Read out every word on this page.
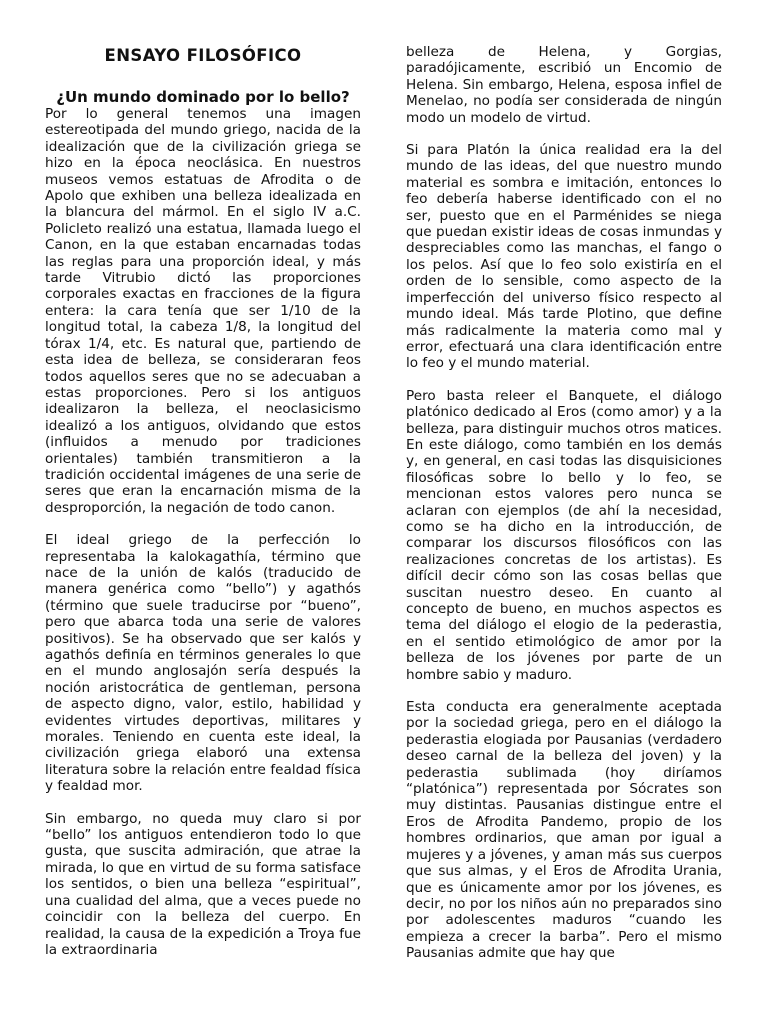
ENSAYO FILOSÓFICO
¿Un mundo dominado por lo bello?

Por lo general tenemos una imagen estereotipada del mundo griego, nacida de la idealización que de la civilización griega se hizo en la época neoclásica. En nuestros museos vemos estatuas de Afrodita o de Apolo que exhiben una belleza idealizada en la blancura del mármol. En el siglo IV a.C. Policleto realizó una estatua, llamada luego el Canon, en la que estaban encarnadas todas las reglas para una proporción ideal, y más tarde Vitrubio dictó las proporciones corporales exactas en fracciones de la figura entera: la cara tenía que ser 1/10 de la longitud total, la cabeza 1/8, la longitud del tórax 1/4, etc. Es natural que, partiendo de esta idea de belleza, se consideraran feos todos aquellos seres que no se adecuaban a estas proporciones. Pero si los antiguos idealizaron la belleza, el neoclasicismo idealizó a los antiguos, olvidando que estos (influidos a menudo por tradiciones orientales) también transmitieron a la tradición occidental imágenes de una serie de seres que eran la encarnación misma de la desproporción, la negación de todo canon.

El ideal griego de la perfección lo representaba la kalokagathía, término que nace de la unión de kalós (traducido de manera genérica como “bello”) y agathós (término que suele traducirse por “bueno”, pero que abarca toda una serie de valores positivos). Se ha observado que ser kalós y agathós definía en términos generales lo que en el mundo anglosajón sería después la noción aristocrática de gentleman, persona de aspecto digno, valor, estilo, habilidad y evidentes virtudes deportivas, militares y morales. Teniendo en cuenta este ideal, la civilización griega elaboró una extensa literatura sobre la relación entre fealdad física y fealdad mor.

Sin embargo, no queda muy claro si por “bello” los antiguos entendieron todo lo que gusta, que suscita admiración, que atrae la mirada, lo que en virtud de su forma satisface los sentidos, o bien una belleza “espiritual”, una cualidad del alma, que a veces puede no coincidir con la belleza del cuerpo. En realidad, la causa de la expedición a Troya fue la extraordinaria

belleza de Helena, y Gorgias, paradójicamente, escribió un Encomio de Helena. Sin embargo, Helena, esposa infiel de Menelao, no podía ser considerada de ningún modo un modelo de virtud.

Si para Platón la única realidad era la del mundo de las ideas, del que nuestro mundo material es sombra e imitación, entonces lo feo debería haberse identificado con el no ser, puesto que en el Parménides se niega que puedan existir ideas de cosas inmundas y despreciables como las manchas, el fango o los pelos. Así que lo feo solo existiría en el orden de lo sensible, como aspecto de la imperfección del universo físico respecto al mundo ideal. Más tarde Plotino, que define más radicalmente la materia como mal y error, efectuará una clara identificación entre lo feo y el mundo material.

Pero basta releer el Banquete, el diálogo platónico dedicado al Eros (como amor) y a la belleza, para distinguir muchos otros matices. En este diálogo, como también en los demás y, en general, en casi todas las disquisiciones filosóficas sobre lo bello y lo feo, se mencionan estos valores pero nunca se aclaran con ejemplos (de ahí la necesidad, como se ha dicho en la introducción, de comparar los discursos filosóficos con las realizaciones concretas de los artistas). Es difícil decir cómo son las cosas bellas que suscitan nuestro deseo. En cuanto al concepto de bueno, en muchos aspectos es tema del diálogo el elogio de la pederastia, en el sentido etimológico de amor por la belleza de los jóvenes por parte de un hombre sabio y maduro.

Esta conducta era generalmente aceptada por la sociedad griega, pero en el diálogo la pederastia elogiada por Pausanias (verdadero deseo carnal de la belleza del joven) y la pederastia sublimada (hoy diríamos “platónica”) representada por Sócrates son muy distintas. Pausanias distingue entre el Eros de Afrodita Pandemo, propio de los hombres ordinarios, que aman por igual a mujeres y a jóvenes, y aman más sus cuerpos que sus almas, y el Eros de Afrodita Urania, que es únicamente amor por los jóvenes, es decir, no por los niños aún no preparados sino por adolescentes maduros “cuando les empieza a crecer la barba”. Pero el mismo Pausanias admite que hay que
